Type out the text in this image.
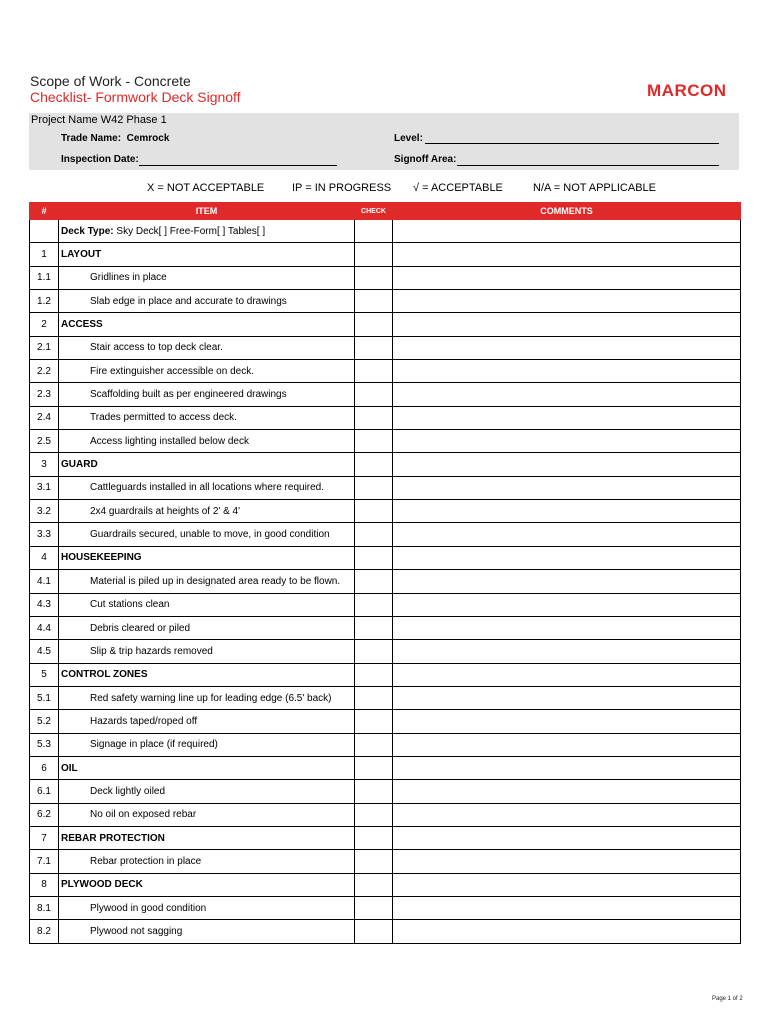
Scope of Work - Concrete
Checklist- Formwork Deck Signoff	MARCON
Project Name W42 Phase 1
Trade Name: Cemrock
Inspection Date:
Level:
Signoff Area:
X = NOT ACCEPTABLE	IP = IN PROGRESS √ = ACCEPTABLE	N/A = NOT APPLICABLE
#	ITEM	CHECK	COMMENTS
	Deck Type: Sky Deck[ ] Free-Form[ ] Tables[ ]		
1	LAYOUT		
1.1	Gridlines in place		
1.2	Slab edge in place and accurate to drawings		
2	ACCESS		
2.1	Stair access to top deck clear.		
2.2	Fire extinguisher accessible on deck.		
2.3	Scaffolding built as per engineered drawings		
2.4	Trades permitted to access deck.		
2.5	Access lighting installed below deck		
3	GUARD		
3.1	Cattleguards installed in all locations where required.		
3.2	2x4 guardrails at heights of 2' & 4'		
3.3	Guardrails secured, unable to move, in good condition		
4	HOUSEKEEPING		
4.1	Material is piled up in designated area ready to be flown.		
4.3	Cut stations clean		
4.4	Debris cleared or piled		
4.5	Slip & trip hazards removed		
5	CONTROL ZONES		
5.1	Red safety warning line up for leading edge (6.5' back)		
5.2	Hazards taped/roped off		
5.3	Signage in place (if required)		
6	OIL		
6.1	Deck lightly oiled		
6.2	No oil on exposed rebar		
7	REBAR PROTECTION		
7.1	Rebar protection in place		
8	PLYWOOD DECK		
8.1	Plywood in good condition		
8.2	Plywood not sagging		
Page 1 of 2
